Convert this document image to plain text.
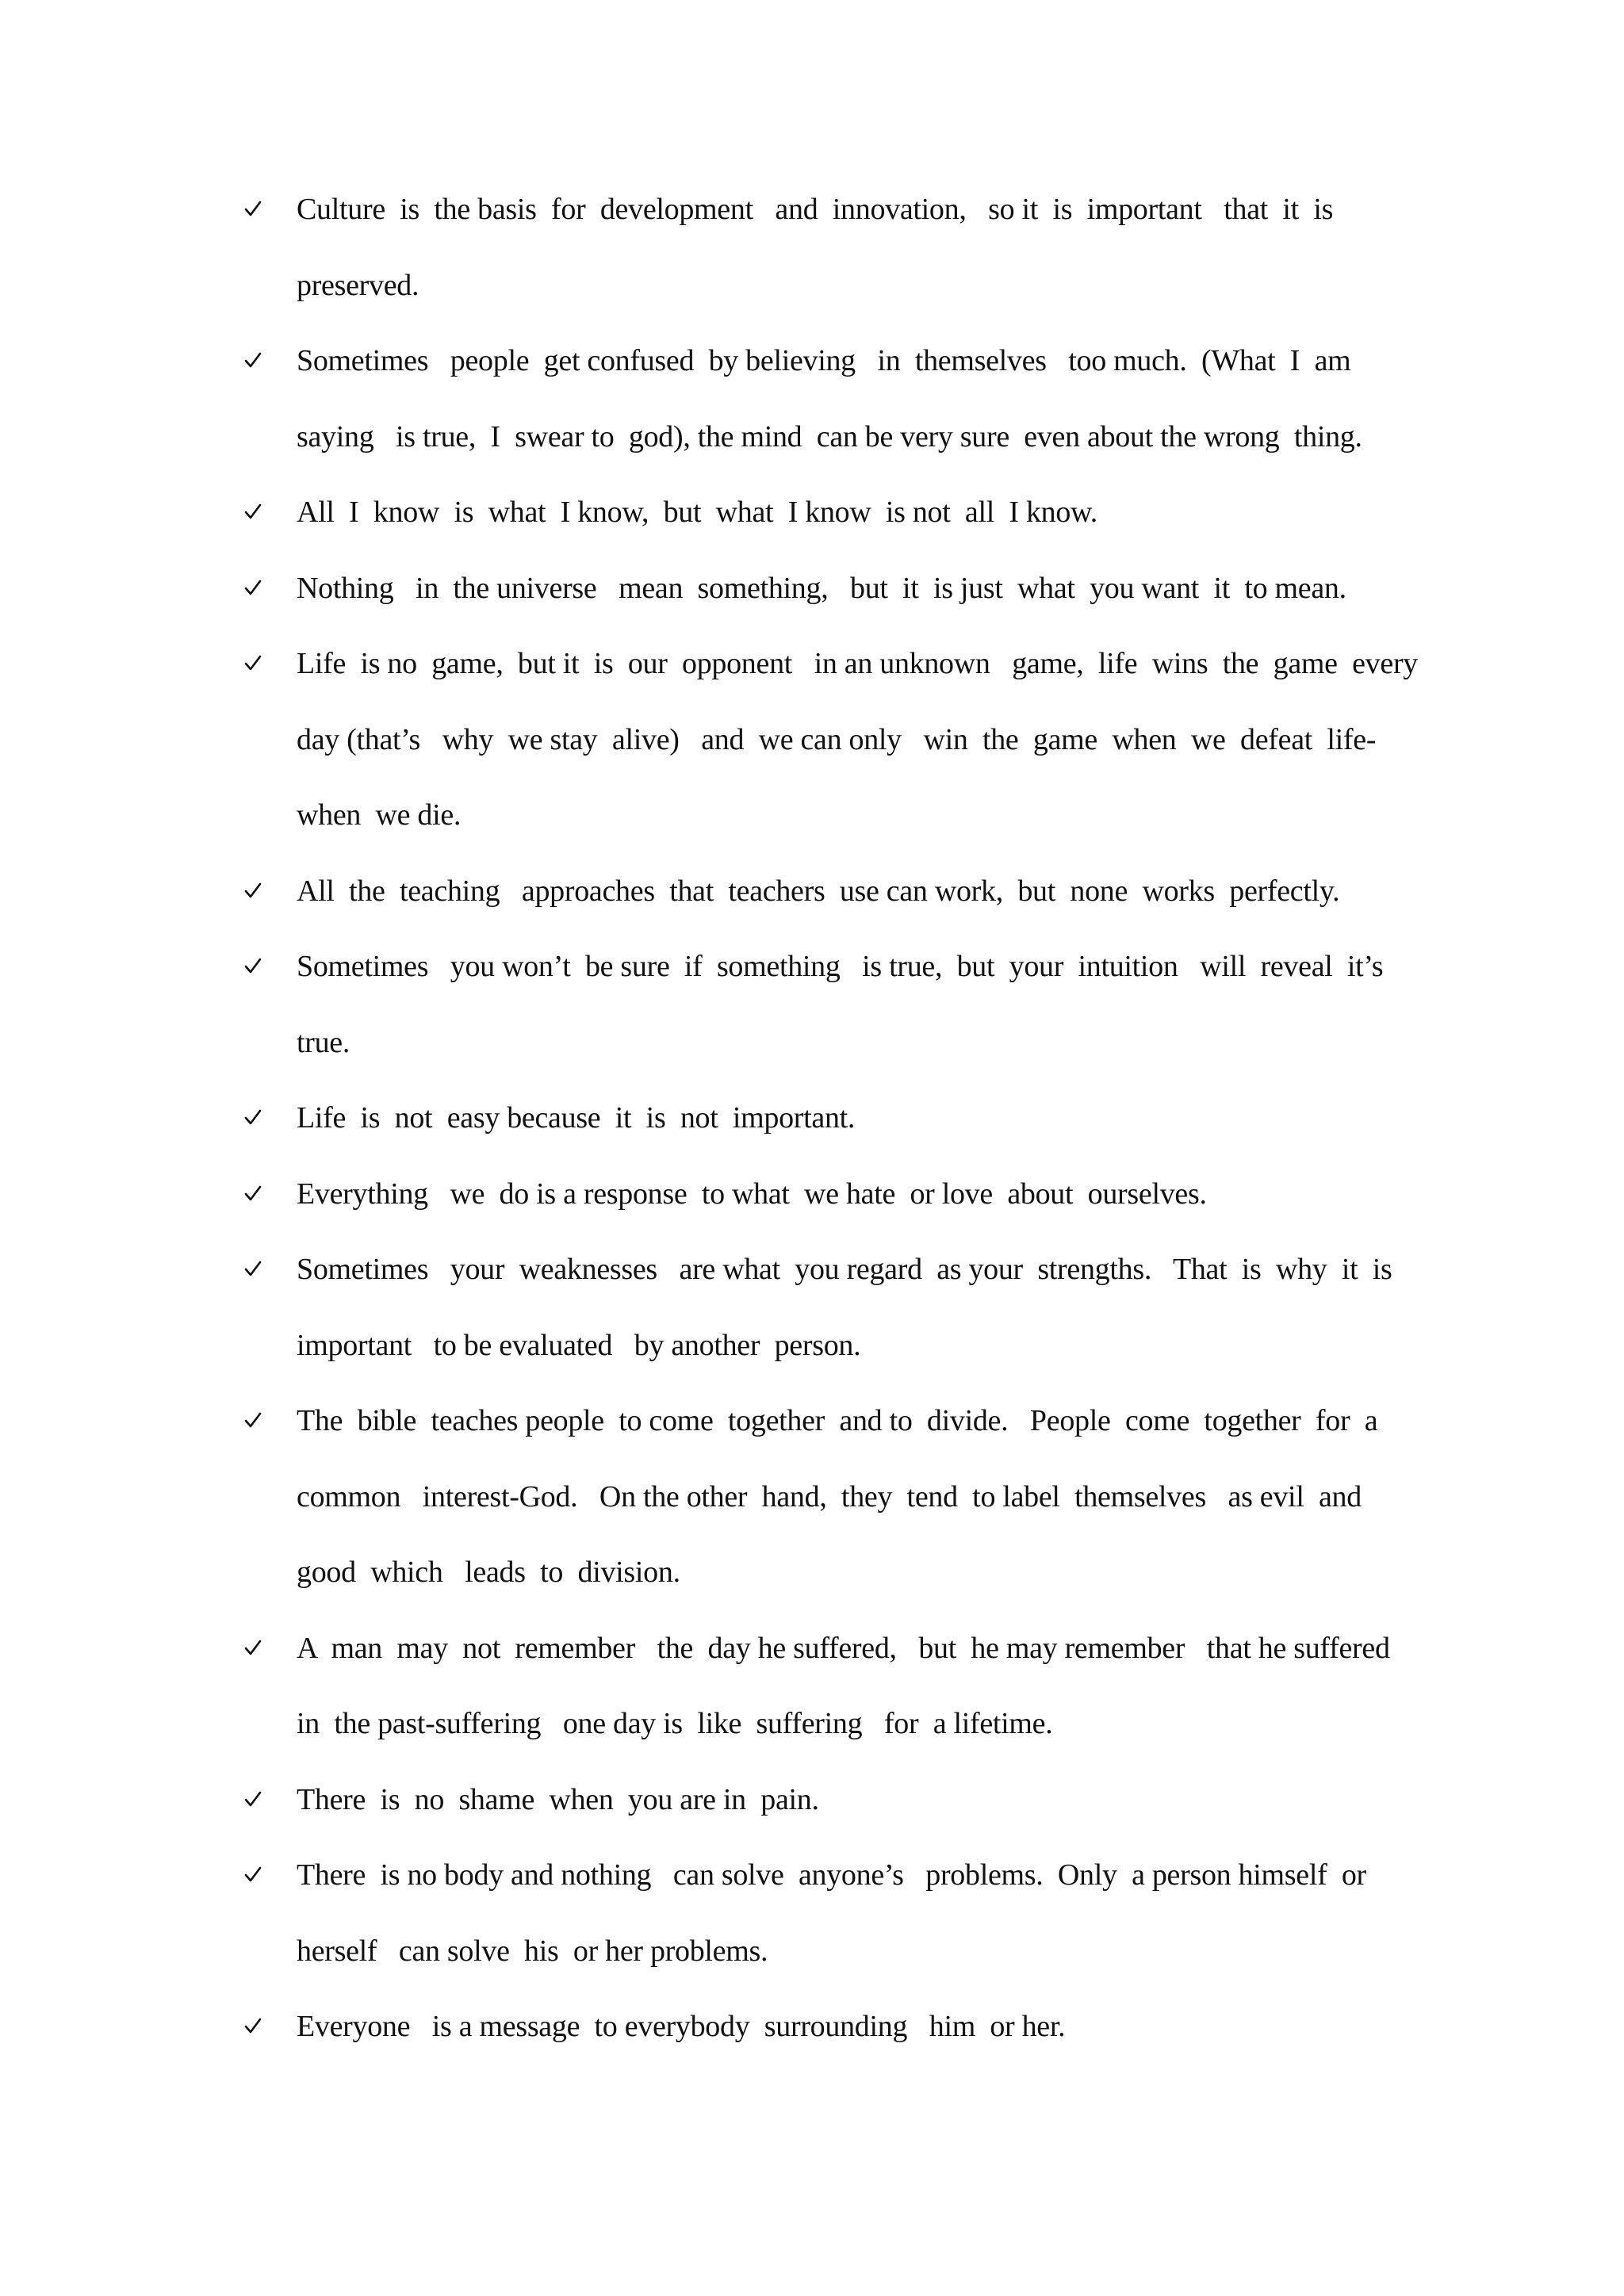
Culture  is  the basis  for  development   and  innovation,   so it  is  important   that  it  is
preserved.
Sometimes   people  get confused  by believing   in  themselves   too much.  (What  I  am
saying   is true,  I  swear to  god), the mind  can be very sure  even about the wrong  thing.
All  I  know  is  what  I know,  but  what  I know  is not  all  I know.
Nothing   in  the universe   mean  something,   but  it  is just  what  you want  it  to mean.
Life  is no  game,  but it  is  our  opponent   in an unknown   game,  life  wins  the  game  every
day (that’s   why  we stay  alive)   and  we can only   win  the  game  when  we  defeat  life-
when  we die.
All  the  teaching   approaches  that  teachers  use can work,  but  none  works  perfectly.
Sometimes   you won’t  be sure  if  something   is true,  but  your  intuition   will  reveal  it’s
true.
Life  is  not  easy because  it  is  not  important.
Everything   we  do is a response  to what  we hate  or love  about  ourselves.
Sometimes   your  weaknesses   are what  you regard  as your  strengths.   That  is  why  it  is
important   to be evaluated   by another  person.
The  bible  teaches people  to come  together  and to  divide.   People  come  together  for  a
common   interest-God.   On the other  hand,  they  tend  to label  themselves   as evil  and
good  which   leads  to  division.
A  man  may  not  remember   the  day he suffered,   but  he may remember   that he suffered
in  the past-suffering   one day is  like  suffering   for  a lifetime.
There  is  no  shame  when  you are in  pain.
There  is no body and nothing   can solve  anyone’s   problems.  Only  a person himself  or
herself   can solve  his  or her problems.
Everyone   is a message  to everybody  surrounding   him  or her.
